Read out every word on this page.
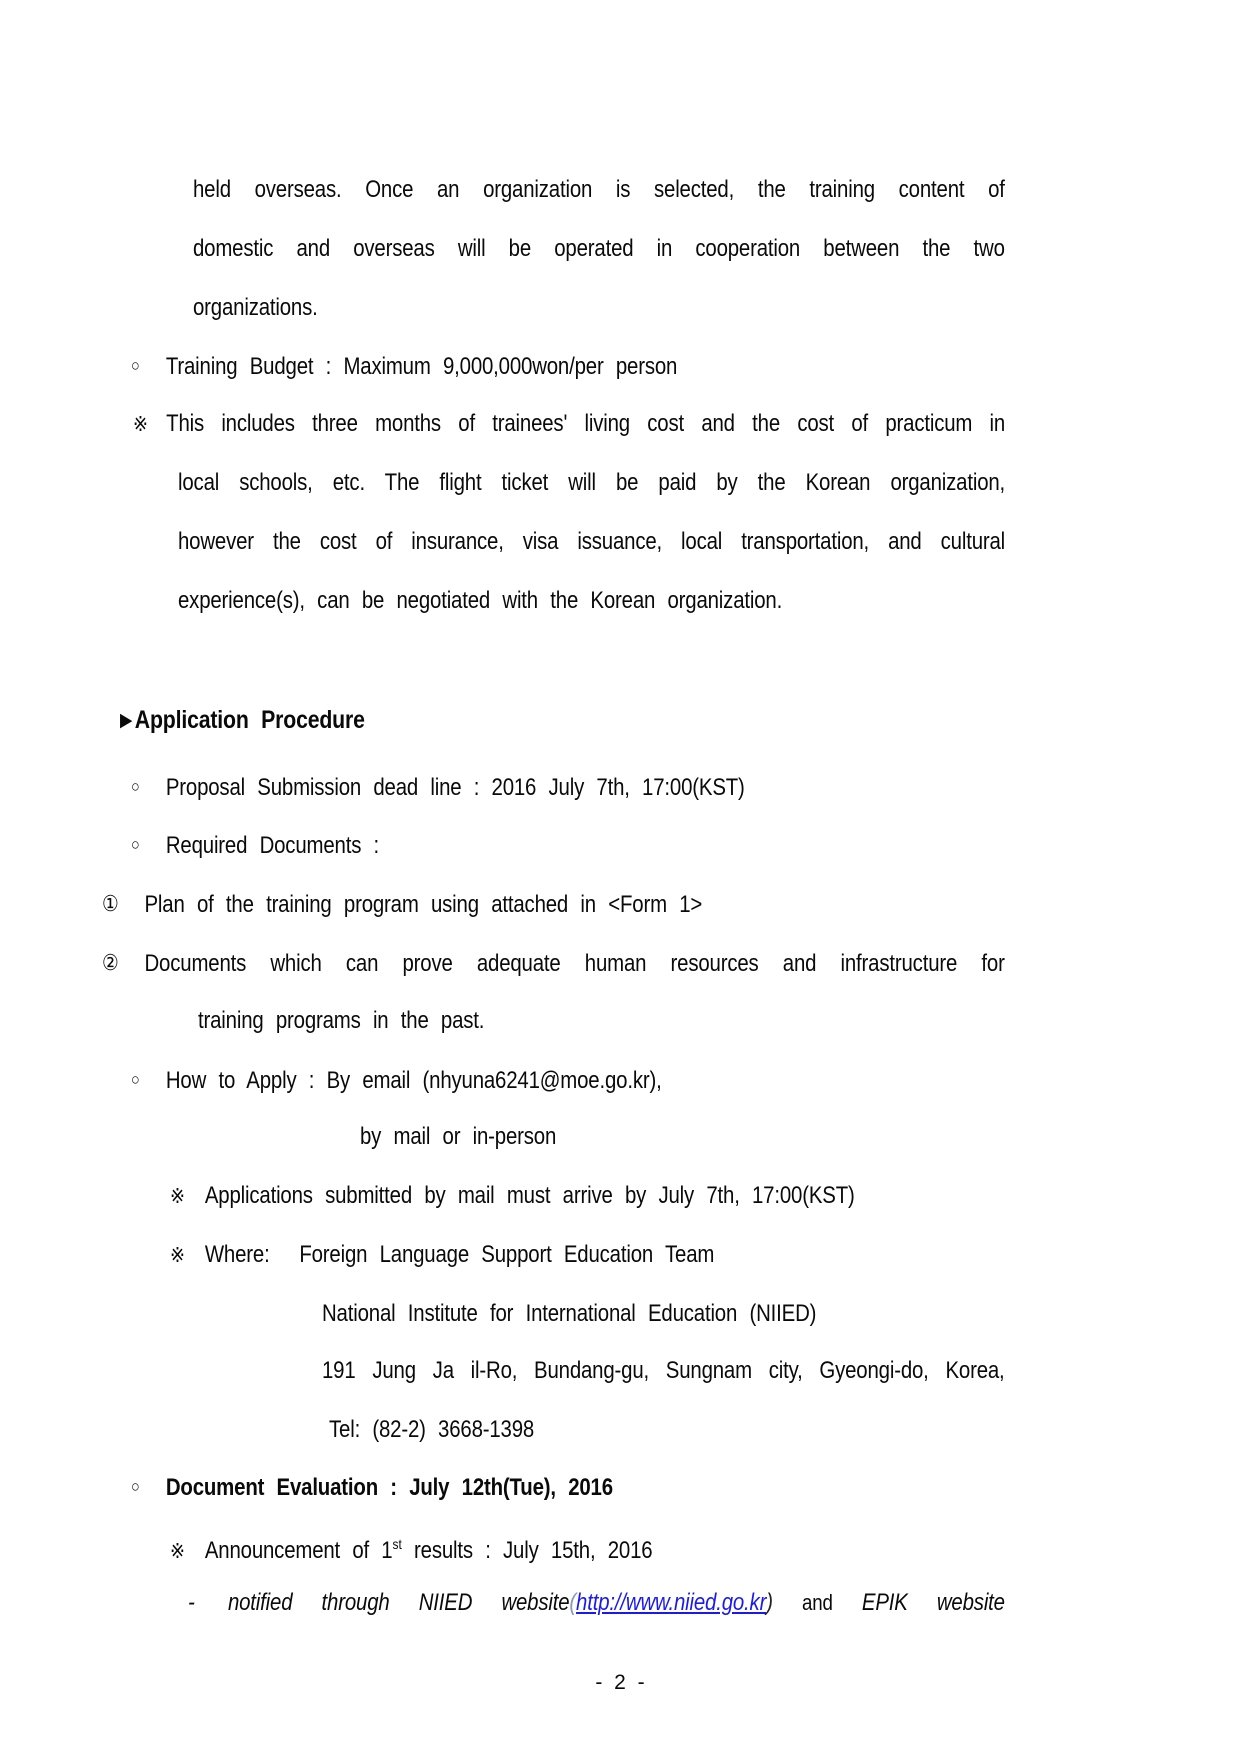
held overseas. Once an organization is selected, the training content of
domestic and overseas will be operated in cooperation between the two
organizations.
○ Training Budget : Maximum 9,000,000won/per person
※ This includes three months of trainees' living cost and the cost of practicum in
local schools, etc. The flight ticket will be paid by the Korean organization,
however the cost of insurance, visa issuance, local transportation, and cultural
experience(s), can be negotiated with the Korean organization.
▶ Application Procedure
○ Proposal Submission dead line : 2016 July 7th, 17:00(KST)
○ Required Documents :
① Plan of the training program using attached in <Form 1>
② Documents which can prove adequate human resources and infrastructure for
training programs in the past.
○ How to Apply : By email (nhyuna6241@moe.go.kr),
by mail or in-person
※ Applications submitted by mail must arrive by July 7th, 17:00(KST)
※ Where: Foreign Language Support Education Team
National Institute for International Education (NIIED)
191 Jung Ja il-Ro, Bundang-gu, Sungnam city, Gyeongi-do, Korea,
Tel: (82-2) 3668-1398
○ Document Evaluation : July 12th(Tue), 2016
※ Announcement of 1st results : July 15th, 2016
- notified through NIIED website(http://www.niied.go.kr) and EPIK website
- 2 -
